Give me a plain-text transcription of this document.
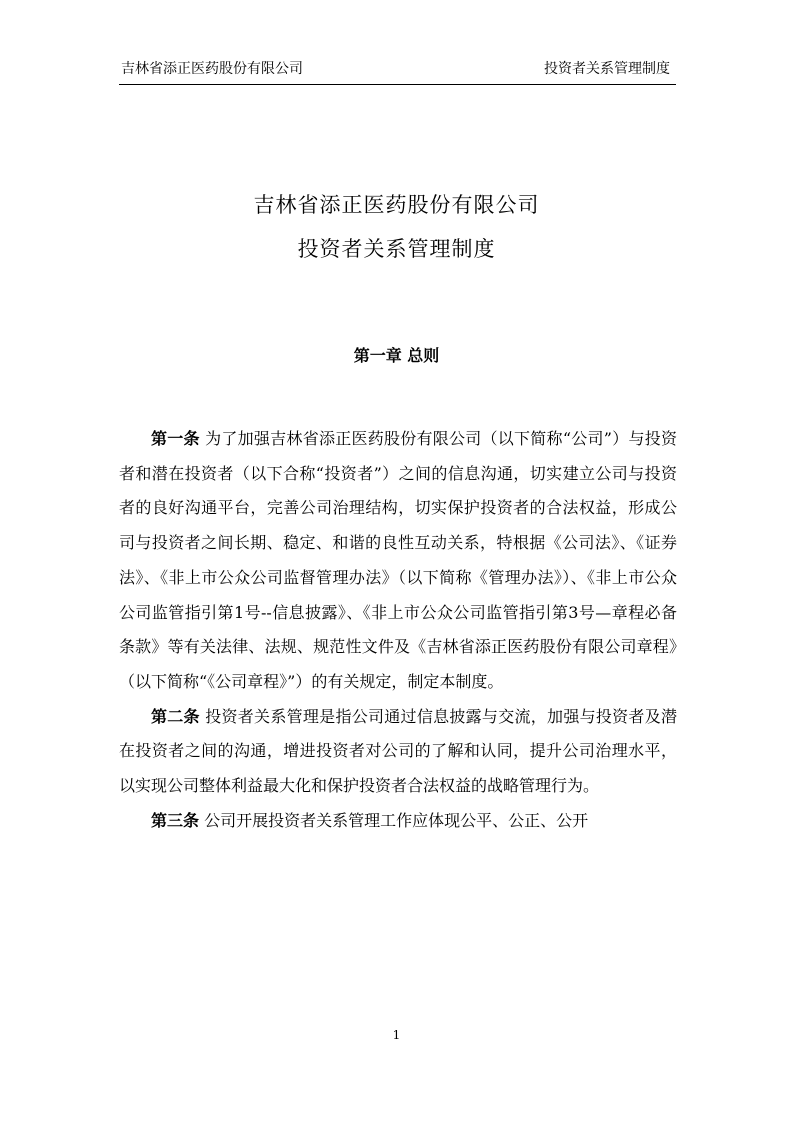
吉林省添正医药股份有限公司	投资者关系管理制度
吉林省添正医药股份有限公司
投资者关系管理制度
第一章 总则

第一条 为了加强吉林省添正医药股份有限公司（以下简称“公司”）与投资者和潜在投资者（以下合称“投资者”）之间的信息沟通，切实建立公司与投资者的良好沟通平台，完善公司治理结构，切实保护投资者的合法权益，形成公司与投资者之间长期、稳定、和谐的良性互动关系，特根据《公司法》、《证券法》、《非上市公众公司监督管理办法》（以下简称《管理办法》）、《非上市公众公司监管指引第1号--信息披露》、《非上市公众公司监管指引第3号—章程必备条款》等有关法律、法规、规范性文件及《吉林省添正医药股份有限公司章程》（以下简称“《公司章程》”）的有关规定，制定本制度。

第二条 投资者关系管理是指公司通过信息披露与交流，加强与投资者及潜在投资者之间的沟通，增进投资者对公司的了解和认同，提升公司治理水平，以实现公司整体利益最大化和保护投资者合法权益的战略管理行为。

第三条 公司开展投资者关系管理工作应体现公平、公正、公开

1
